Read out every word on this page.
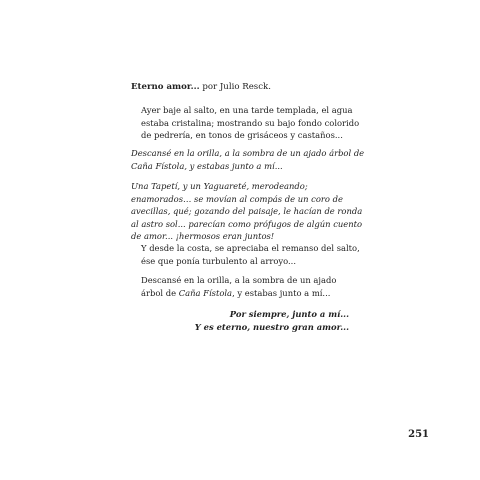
Eterno amor... por Julio Resck.
Ayer baje al salto, en una tarde templada, el agua
estaba cristalina; mostrando su bajo fondo colorido
de pedrería, en tonos de grisáceos y castaños...
Descansé en la orilla, a la sombra de un ajado árbol de
Caña Fístola, y estabas junto a mí...
Una Tapetí, y un Yaguareté, merodeando;
enamorados… se movían al compás de un coro de
avecillas, qué; gozando del paisaje, le hacían de ronda
al astro sol... parecían como prófugos de algún cuento
de amor... ¡hermosos eran juntos!
Y desde la costa, se apreciaba el remanso del salto,
ése que ponía turbulento al arroyo...
Descansé en la orilla, a la sombra de un ajado
árbol de Caña Fístola, y estabas junto a mí...
Por siempre, junto a mí...
Y es eterno, nuestro gran amor...
251
